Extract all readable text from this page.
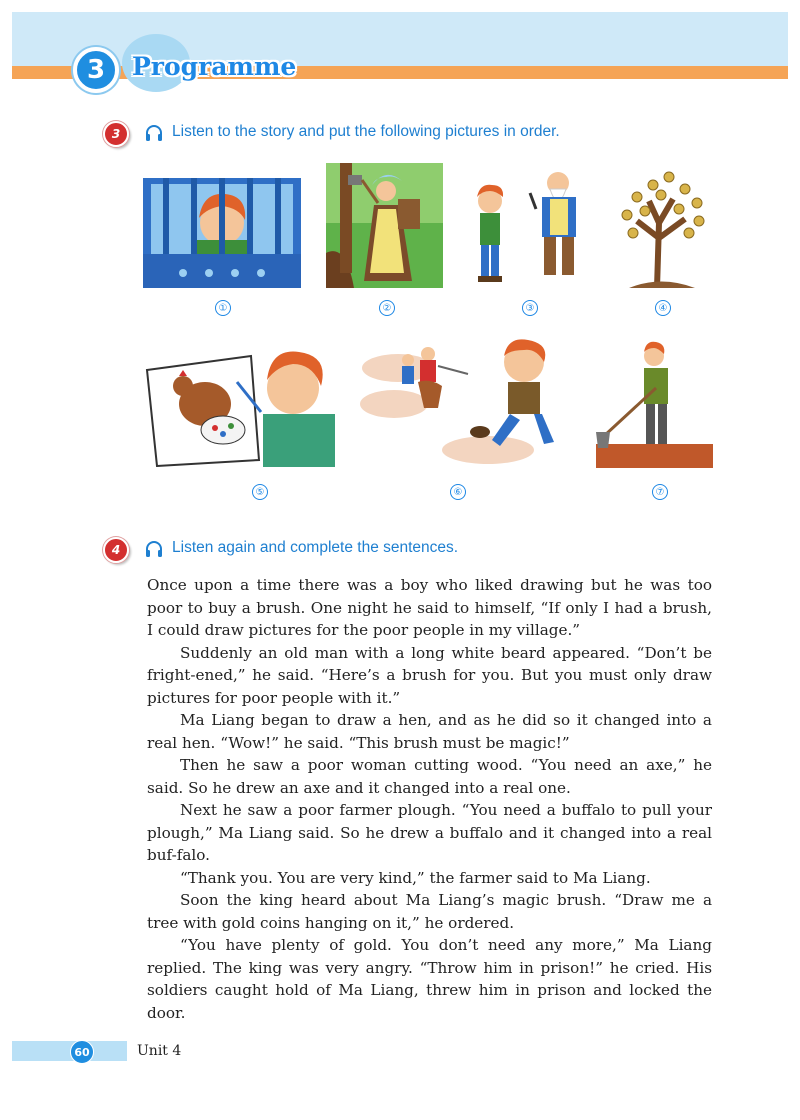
3	Programme
3	Listen to the story and put the following pictures in order.
①	②	③	④
⑤	⑥	⑦
4	Listen again and complete the sentences.

Once upon a time there was a boy who liked drawing but he was too poor to buy a brush. One night he said to himself, “If only I had a brush, I could draw pictures for the poor people in my village.”

Suddenly an old man with a long white beard appeared. “Don’t be fright-ened,” he said. “Here’s a brush for you. But you must only draw pictures for poor people with it.”

Ma Liang began to draw a hen, and as he did so it changed into a real hen. “Wow!” he said. “This brush must be magic!”

Then he saw a poor woman cutting wood. “You need an axe,” he said. So he drew an axe and it changed into a real one.

Next he saw a poor farmer plough. “You need a buffalo to pull your plough,” Ma Liang said. So he drew a buffalo and it changed into a real buf-falo.

“Thank you. You are very kind,” the farmer said to Ma Liang.

Soon the king heard about Ma Liang’s magic brush. “Draw me a tree with gold coins hanging on it,” he ordered.

“You have plenty of gold. You don’t need any more,” Ma Liang replied. The king was very angry. “Throw him in prison!” he cried. His soldiers caught hold of Ma Liang, threw him in prison and locked the door.

60	Unit 4
